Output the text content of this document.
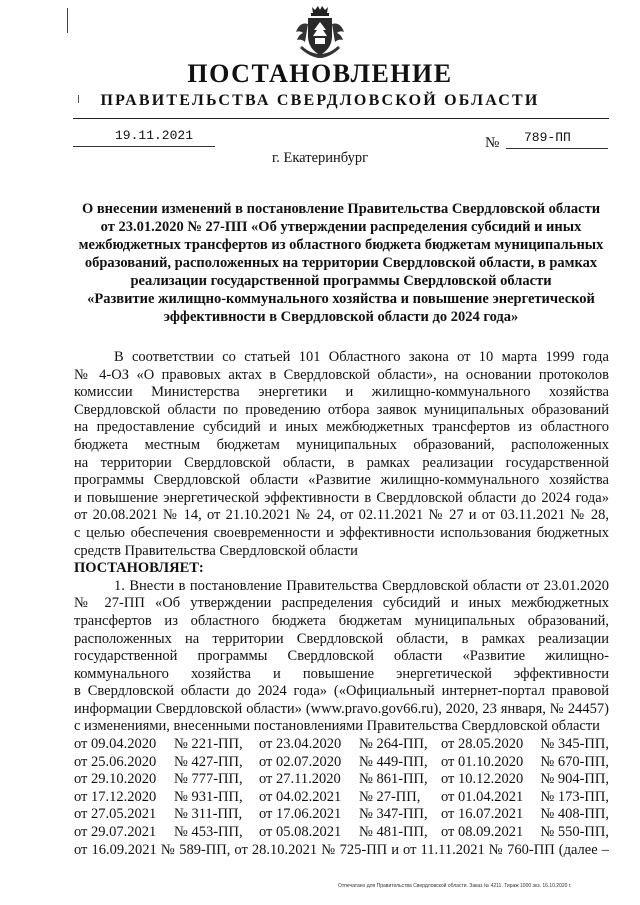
ПОСТАНОВЛЕНИЕ
ПРАВИТЕЛЬСТВА СВЕРДЛОВСКОЙ ОБЛАСТИ
19.11.2021	№ 789-ПП
г. Екатеринбург
О внесении изменений в постановление Правительства Свердловской области
от 23.01.2020 № 27-ПП «Об утверждении распределения субсидий и иных
межбюджетных трансфертов из областного бюджета бюджетам муниципальных
образований, расположенных на территории Свердловской области, в рамках
реализации государственной программы Свердловской области
«Развитие жилищно-коммунального хозяйства и повышение энергетической
эффективности в Свердловской области до 2024 года»
В соответствии со статьей 101 Областного закона от 10 марта 1999 года
№ 4-ОЗ «О правовых актах в Свердловской области», на основании протоколов
комиссии Министерства энергетики и жилищно-коммунального хозяйства
Свердловской области по проведению отбора заявок муниципальных образований
на предоставление субсидий и иных межбюджетных трансфертов из областного
бюджета местным бюджетам муниципальных образований, расположенных
на территории Свердловской области, в рамках реализации государственной
программы Свердловской области «Развитие жилищно-коммунального хозяйства
и повышение энергетической эффективности в Свердловской области до 2024 года»
от 20.08.2021 № 14, от 21.10.2021 № 24, от 02.11.2021 № 27 и от 03.11.2021 № 28,
с целью обеспечения своевременности и эффективности использования бюджетных
средств Правительства Свердловской области
ПОСТАНОВЛЯЕТ:
1. Внести в постановление Правительства Свердловской области от 23.01.2020
№ 27-ПП «Об утверждении распределения субсидий и иных межбюджетных
трансфертов из областного бюджета бюджетам муниципальных образований,
расположенных на территории Свердловской области, в рамках реализации
государственной программы Свердловской области «Развитие жилищно-
коммунального хозяйства и повышение энергетической эффективности
в Свердловской области до 2024 года» («Официальный интернет-портал правовой
информации Свердловской области» (www.pravo.gov66.ru), 2020, 23 января, № 24457)
с изменениями, внесенными постановлениями Правительства Свердловской области
от 09.04.2020	№ 221-ПП,	от 23.04.2020	№ 264-ПП,	от 28.05.2020	№ 345-ПП,
от 25.06.2020	№ 427-ПП,	от 02.07.2020	№ 449-ПП,	от 01.10.2020	№ 670-ПП,
от 29.10.2020	№ 777-ПП,	от 27.11.2020	№ 861-ПП,	от 10.12.2020	№ 904-ПП,
от 17.12.2020	№ 931-ПП,	от 04.02.2021	№ 27-ПП,	от 01.04.2021	№ 173-ПП,
от 27.05.2021	№ 311-ПП,	от 17.06.2021	№ 347-ПП,	от 16.07.2021	№ 408-ПП,
от 29.07.2021	№ 453-ПП,	от 05.08.2021	№ 481-ПП,	от 08.09.2021	№ 550-ПП,
от 16.09.2021 № 589-ПП, от 28.10.2021 № 725-ПП и от 11.11.2021 № 760-ПП (далее –
Отпечатано для Правительства Свердловской области. Заказ № 4211. Тираж 1000 экз. 16.10.2020 г.
